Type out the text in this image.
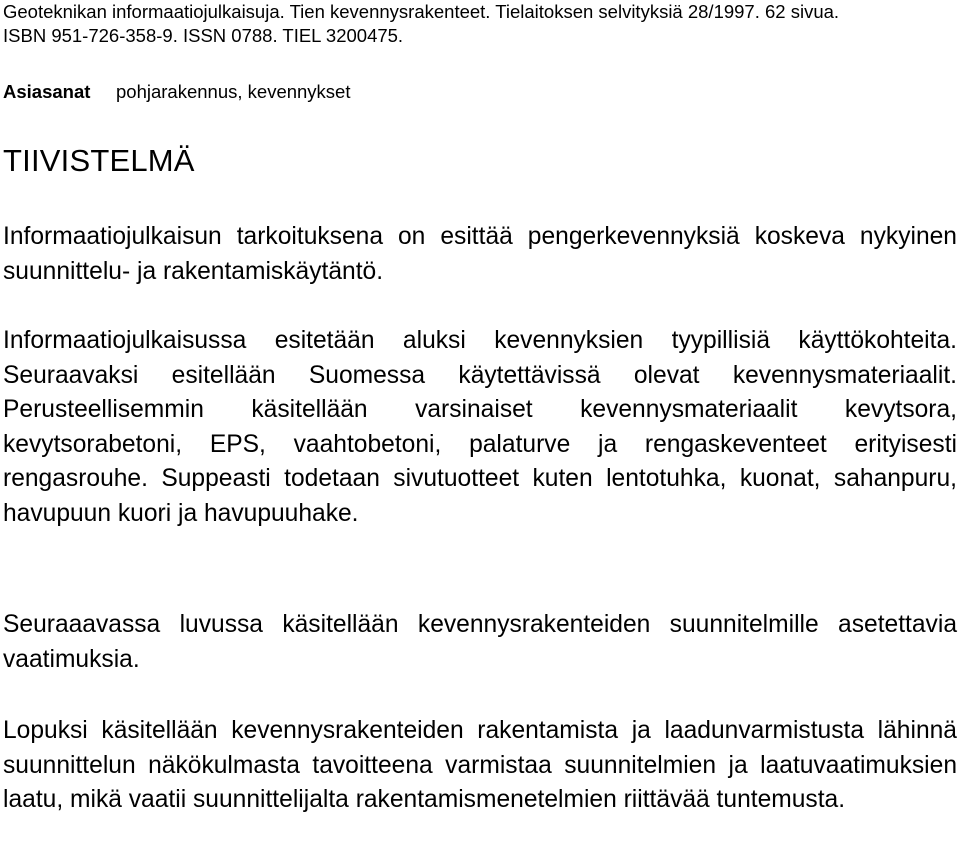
Geoteknikan informaatiojulkaisuja. Tien kevennysrakenteet. Tielaitoksen selvityksiä 28/1997. 62 sivua.
ISBN 951-726-358-9. ISSN 0788. TIEL 3200475.
Asiasanat pohjarakennus, kevennykset
TIIVISTELMÄ

Informaatiojulkaisun tarkoituksena on esittää pengerkevennyksiä koskeva nykyinen suunnittelu- ja rakentamiskäytäntö.

Informaatiojulkaisussa esitetään aluksi kevennyksien tyypillisiä käyttökohteita. Seuraavaksi esitellään Suomessa käytettävissä olevat kevennysmateriaalit. Perusteellisemmin käsitellään varsinaiset kevennysmateriaalit kevytsora, kevytsorabetoni, EPS, vaahtobetoni, palaturve ja rengaskeventeet erityisesti rengasrouhe. Suppeasti todetaan sivutuotteet kuten lentotuhka, kuonat, sahanpuru, havupuun kuori ja havupuuhake.

Seuraaavassa luvussa käsitellään kevennysrakenteiden suunnitelmille asetettavia vaatimuksia.

Lopuksi käsitellään kevennysrakenteiden rakentamista ja laadunvarmistusta lähinnä suunnittelun näkökulmasta tavoitteena varmistaa suunnitelmien ja laatuvaatimuksien laatu, mikä vaatii suunnittelijalta rakentamismenetelmien riittävää tuntemusta.
